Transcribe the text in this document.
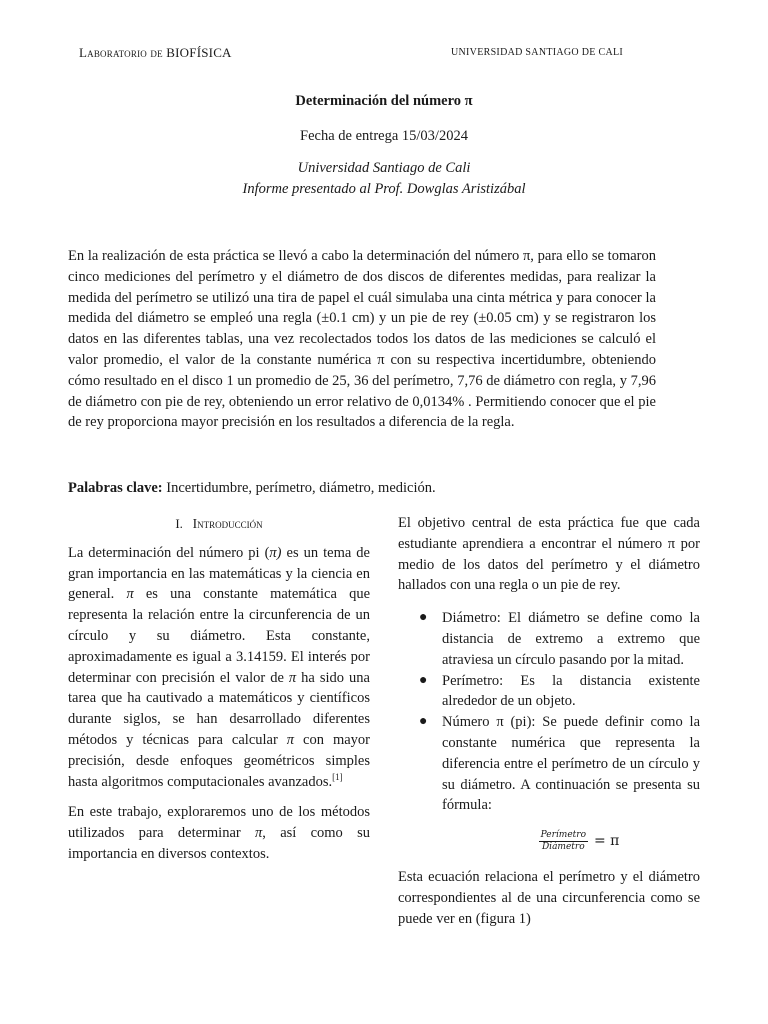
Laboratorio de BIOFÍSICA	UNIVERSIDAD SANTIAGO DE CALI
Determinación del número π
Fecha de entrega 15/03/2024
Universidad Santiago de Cali
Informe presentado al Prof. Dowglas Aristizábal

En la realización de esta práctica se llevó a cabo la determinación del número π, para ello se tomaron cinco mediciones del perímetro y el diámetro de dos discos de diferentes medidas, para realizar la medida del perímetro se utilizó una tira de papel el cuál simulaba una cinta métrica y para conocer la medida del diámetro se empleó una regla (±0.1 cm) y un pie de rey (±0.05 cm) y se registraron los datos en las diferentes tablas, una vez recolectados todos los datos de las mediciones se calculó el valor promedio, el valor de la constante numérica π con su respectiva incertidumbre, obteniendo cómo resultado en el disco 1 un promedio de 25, 36 del perímetro, 7,76 de diámetro con regla, y 7,96 de diámetro con pie de rey, obteniendo un error relativo de 0,0134% . Permitiendo conocer que el pie de rey proporciona mayor precisión en los resultados a diferencia de la regla.

Palabras clave: Incertidumbre, perímetro, diámetro, medición.
I. Introducción

La determinación del número pi (π) es un tema de gran importancia en las matemáticas y la ciencia en general. π es una constante matemática que representa la relación entre la circunferencia de un círculo y su diámetro. Esta constante, aproximadamente es igual a 3.14159. El interés por determinar con precisión el valor de π ha sido una tarea que ha cautivado a matemáticos y científicos durante siglos, se han desarrollado diferentes métodos y técnicas para calcular π con mayor precisión, desde enfoques geométricos simples hasta algoritmos computacionales avanzados.[1]

En este trabajo, exploraremos uno de los métodos utilizados para determinar π, así como su importancia en diversos contextos.

El objetivo central de esta práctica fue que cada estudiante aprendiera a encontrar el número π por medio de los datos del perímetro y el diámetro hallados con una regla o un pie de rey.

● Diámetro: El diámetro se define como la distancia de extremo a extremo que atraviesa un círculo pasando por la mitad.
● Perímetro: Es la distancia existente alrededor de un objeto.
● Número π (pi): Se puede definir como la constante numérica que representa la diferencia entre el perímetro de un círculo y su diámetro. A continuación se presenta su fórmula:
$\frac{\text{Perímetro}}{\text{Diámetro}} = \pi$

Esta ecuación relaciona el perímetro y el diámetro correspondientes al de una circunferencia como se puede ver en (figura 1)
